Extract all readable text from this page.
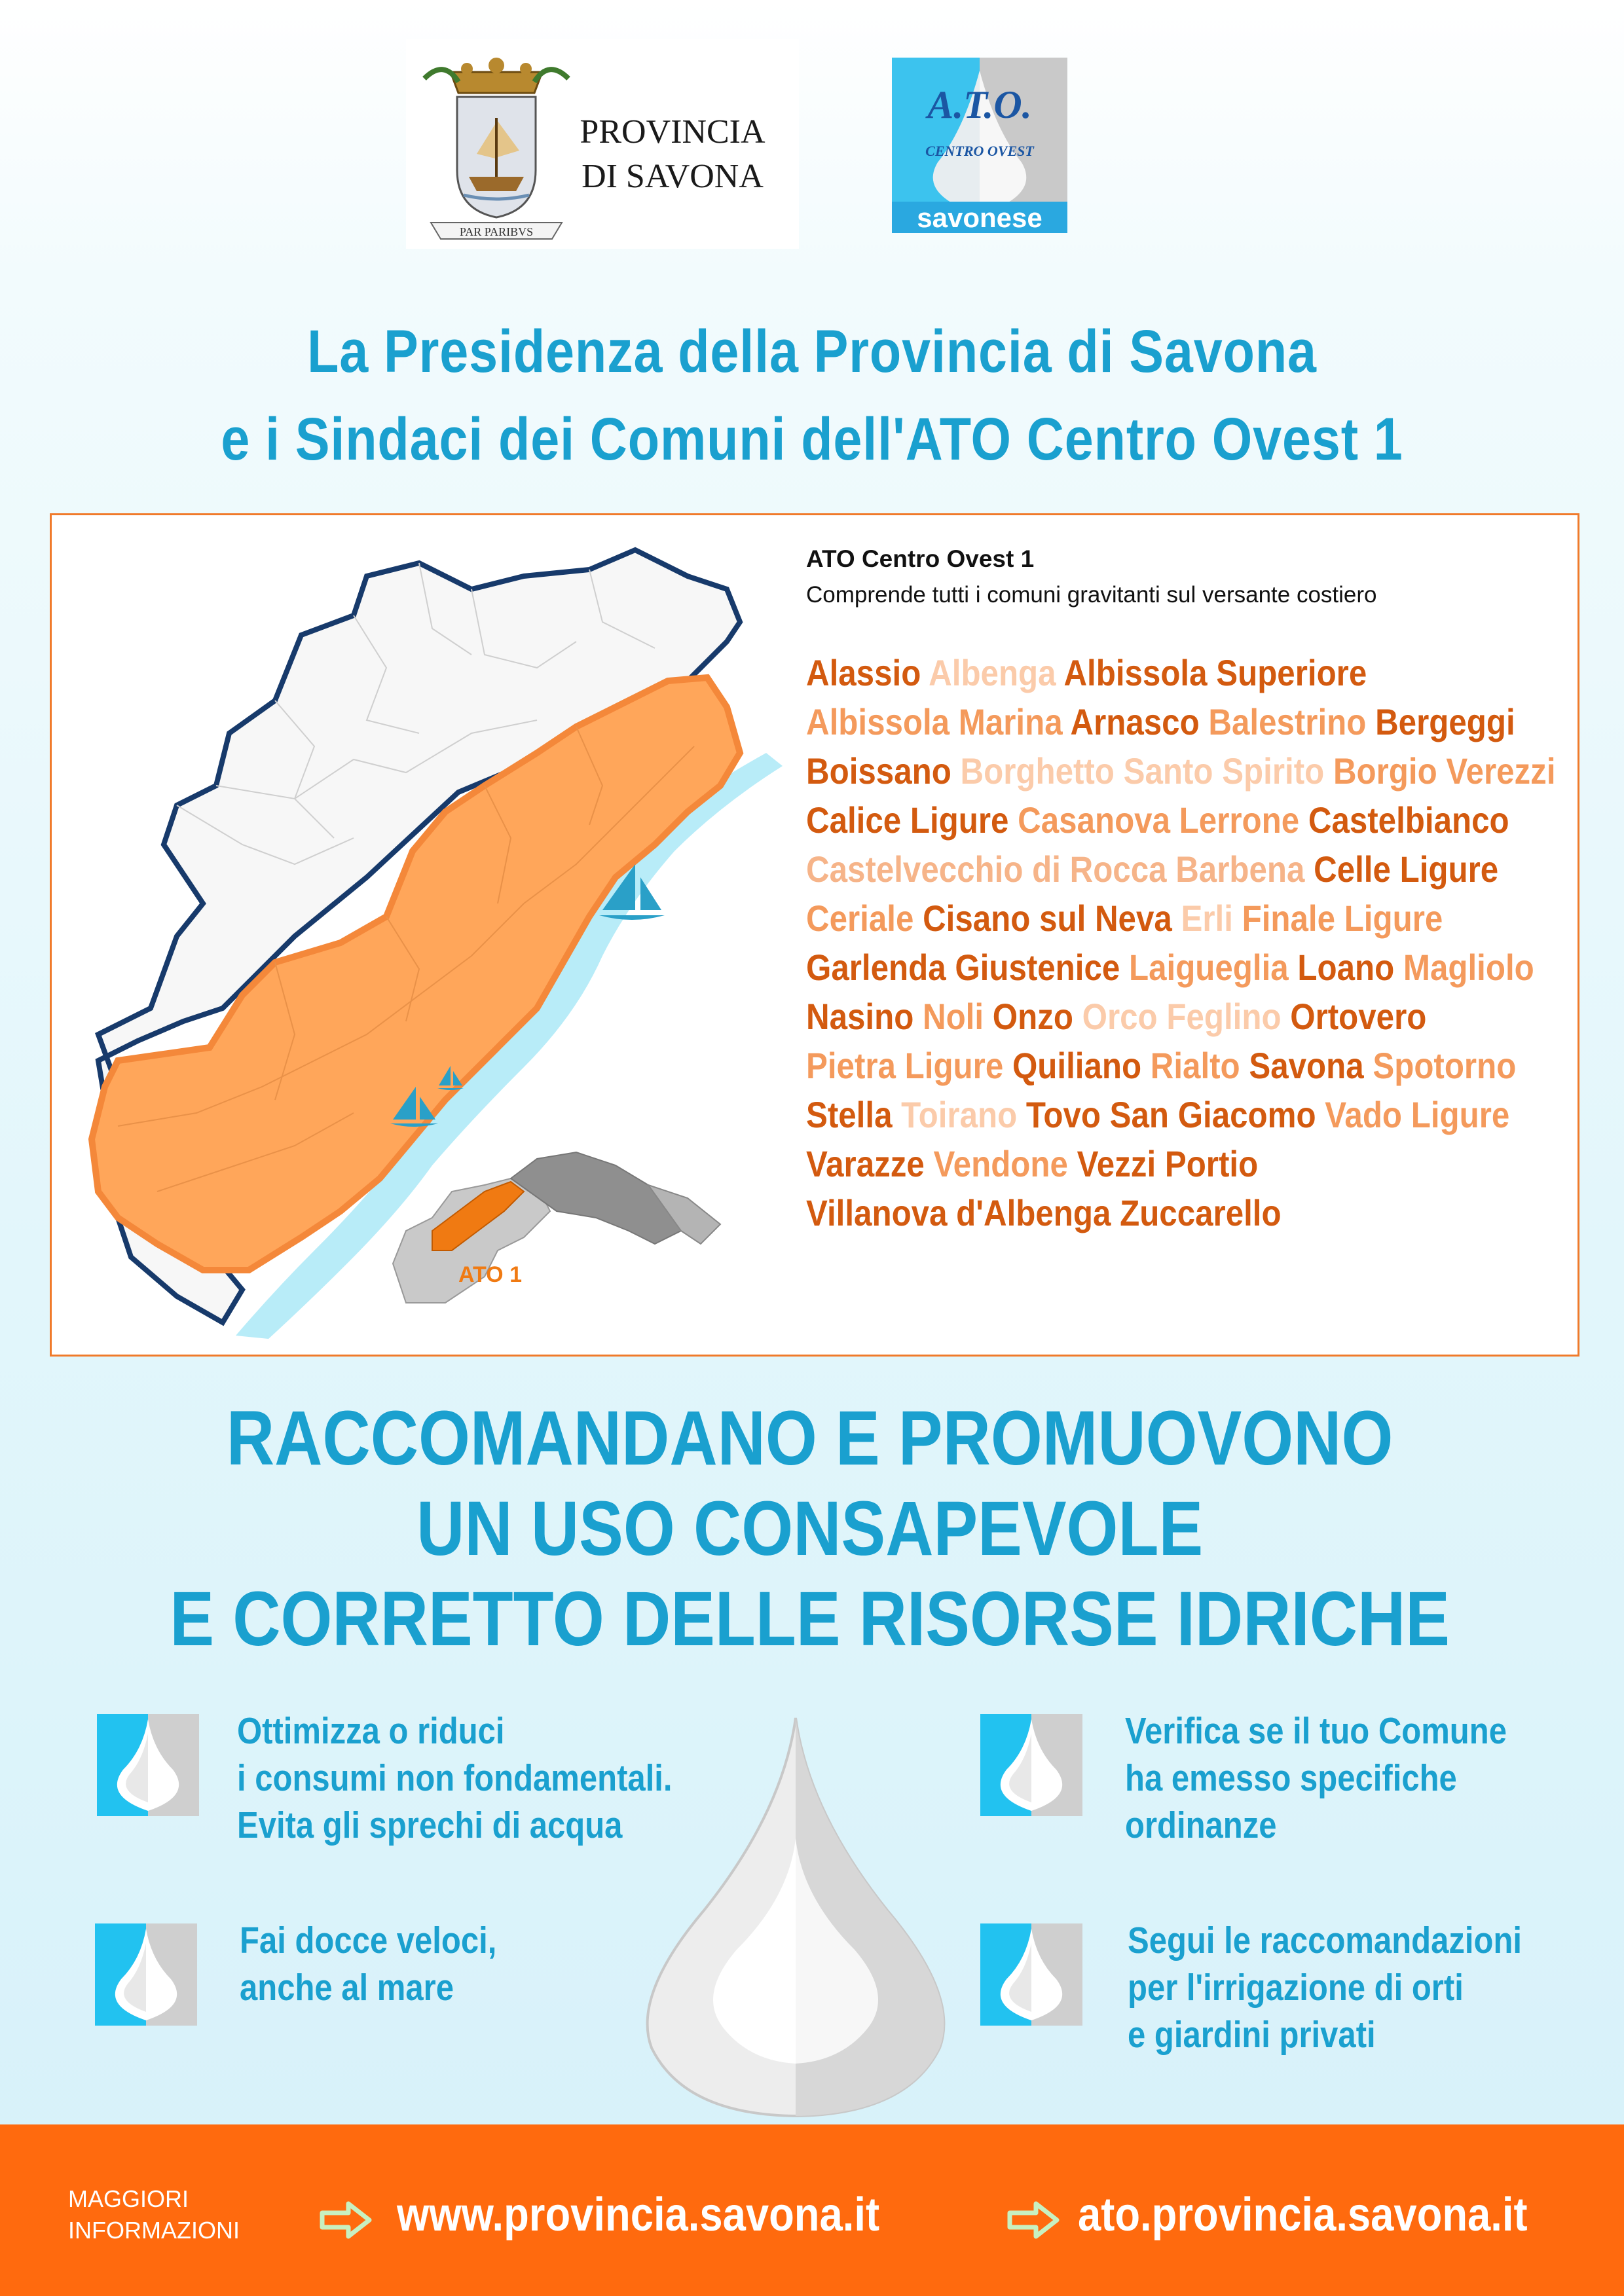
PAR PARIBVS
PROVINCIA
DI SAVONA
A.T.O.
CENTRO OVEST
savonese
La Presidenza della Provincia di Savona
e i Sindaci dei Comuni dell'ATO Centro Ovest 1
ATO 1
ATO Centro Ovest 1
Comprende tutti i comuni gravitanti sul versante costiero
Alassio Albenga Albissola Superiore Albissola Marina Arnasco Balestrino Bergeggi Boissano Borghetto Santo Spirito Borgio Verezzi Calice Ligure Casanova Lerrone Castelbianco Castelvecchio di Rocca Barbena Celle Ligure Ceriale Cisano sul Neva Erli Finale Ligure Garlenda Giustenice Laigueglia Loano Magliolo Nasino Noli Onzo Orco Feglino Ortovero Pietra Ligure Quiliano Rialto Savona Spotorno Stella Toirano Tovo San Giacomo Vado Ligure Varazze Vendone Vezzi Portio Villanova d'Albenga Zuccarello
RACCOMANDANO E PROMUOVONO
UN USO CONSAPEVOLE
E CORRETTO DELLE RISORSE IDRICHE
Ottimizza o riduci
i consumi non fondamentali.
Evita gli sprechi di acqua
Verifica se il tuo Comune
ha emesso specifiche
ordinanze
Fai docce veloci,
anche al mare
Segui le raccomandazioni
per l'irrigazione di orti
e giardini privati
MAGGIORI
INFORMAZIONI	www.provincia.savona.it	ato.provincia.savona.it
